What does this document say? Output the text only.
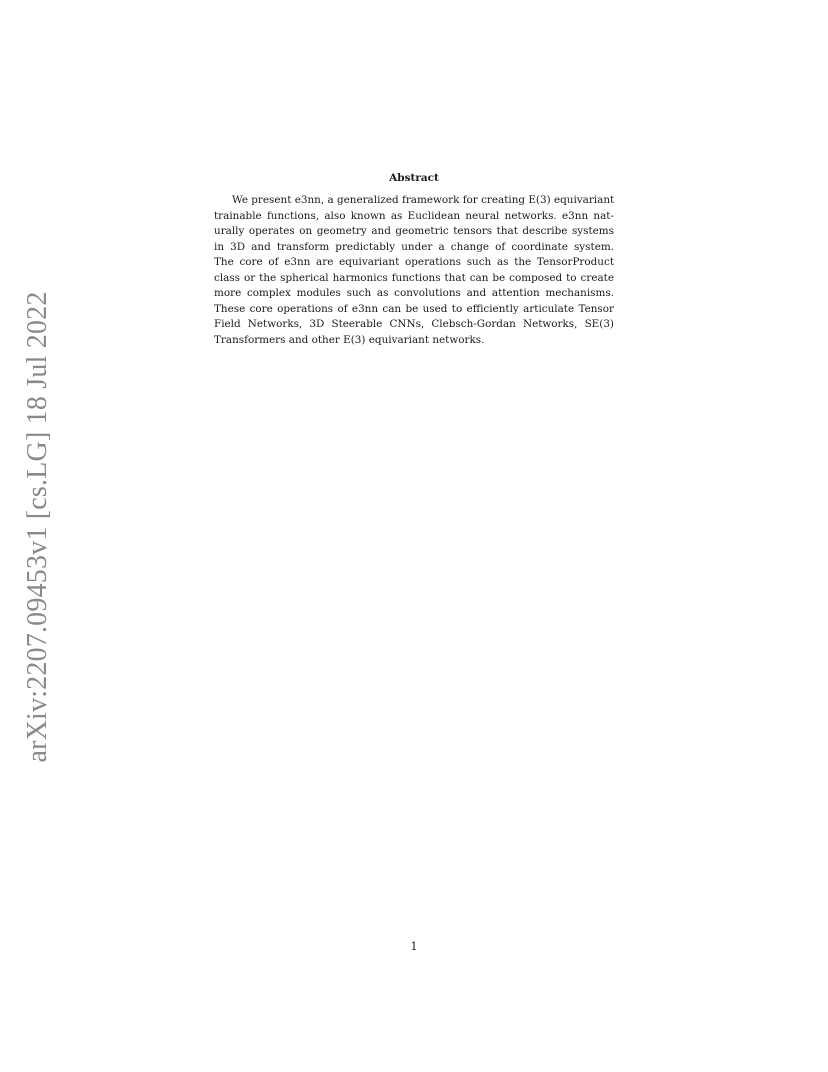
arXiv:2207.09453v1 [cs.LG] 18 Jul 2022
Abstract
We present e3nn, a generalized framework for creating E(3) equivariant
trainable functions, also known as Euclidean neural networks. e3nn nat-
urally operates on geometry and geometric tensors that describe systems
in 3D and transform predictably under a change of coordinate system.
The core of e3nn are equivariant operations such as the TensorProduct
class or the spherical harmonics functions that can be composed to create
more complex modules such as convolutions and attention mechanisms.
These core operations of e3nn can be used to efficiently articulate Tensor
Field Networks, 3D Steerable CNNs, Clebsch-Gordan Networks, SE(3)
Transformers and other E(3) equivariant networks.
1
